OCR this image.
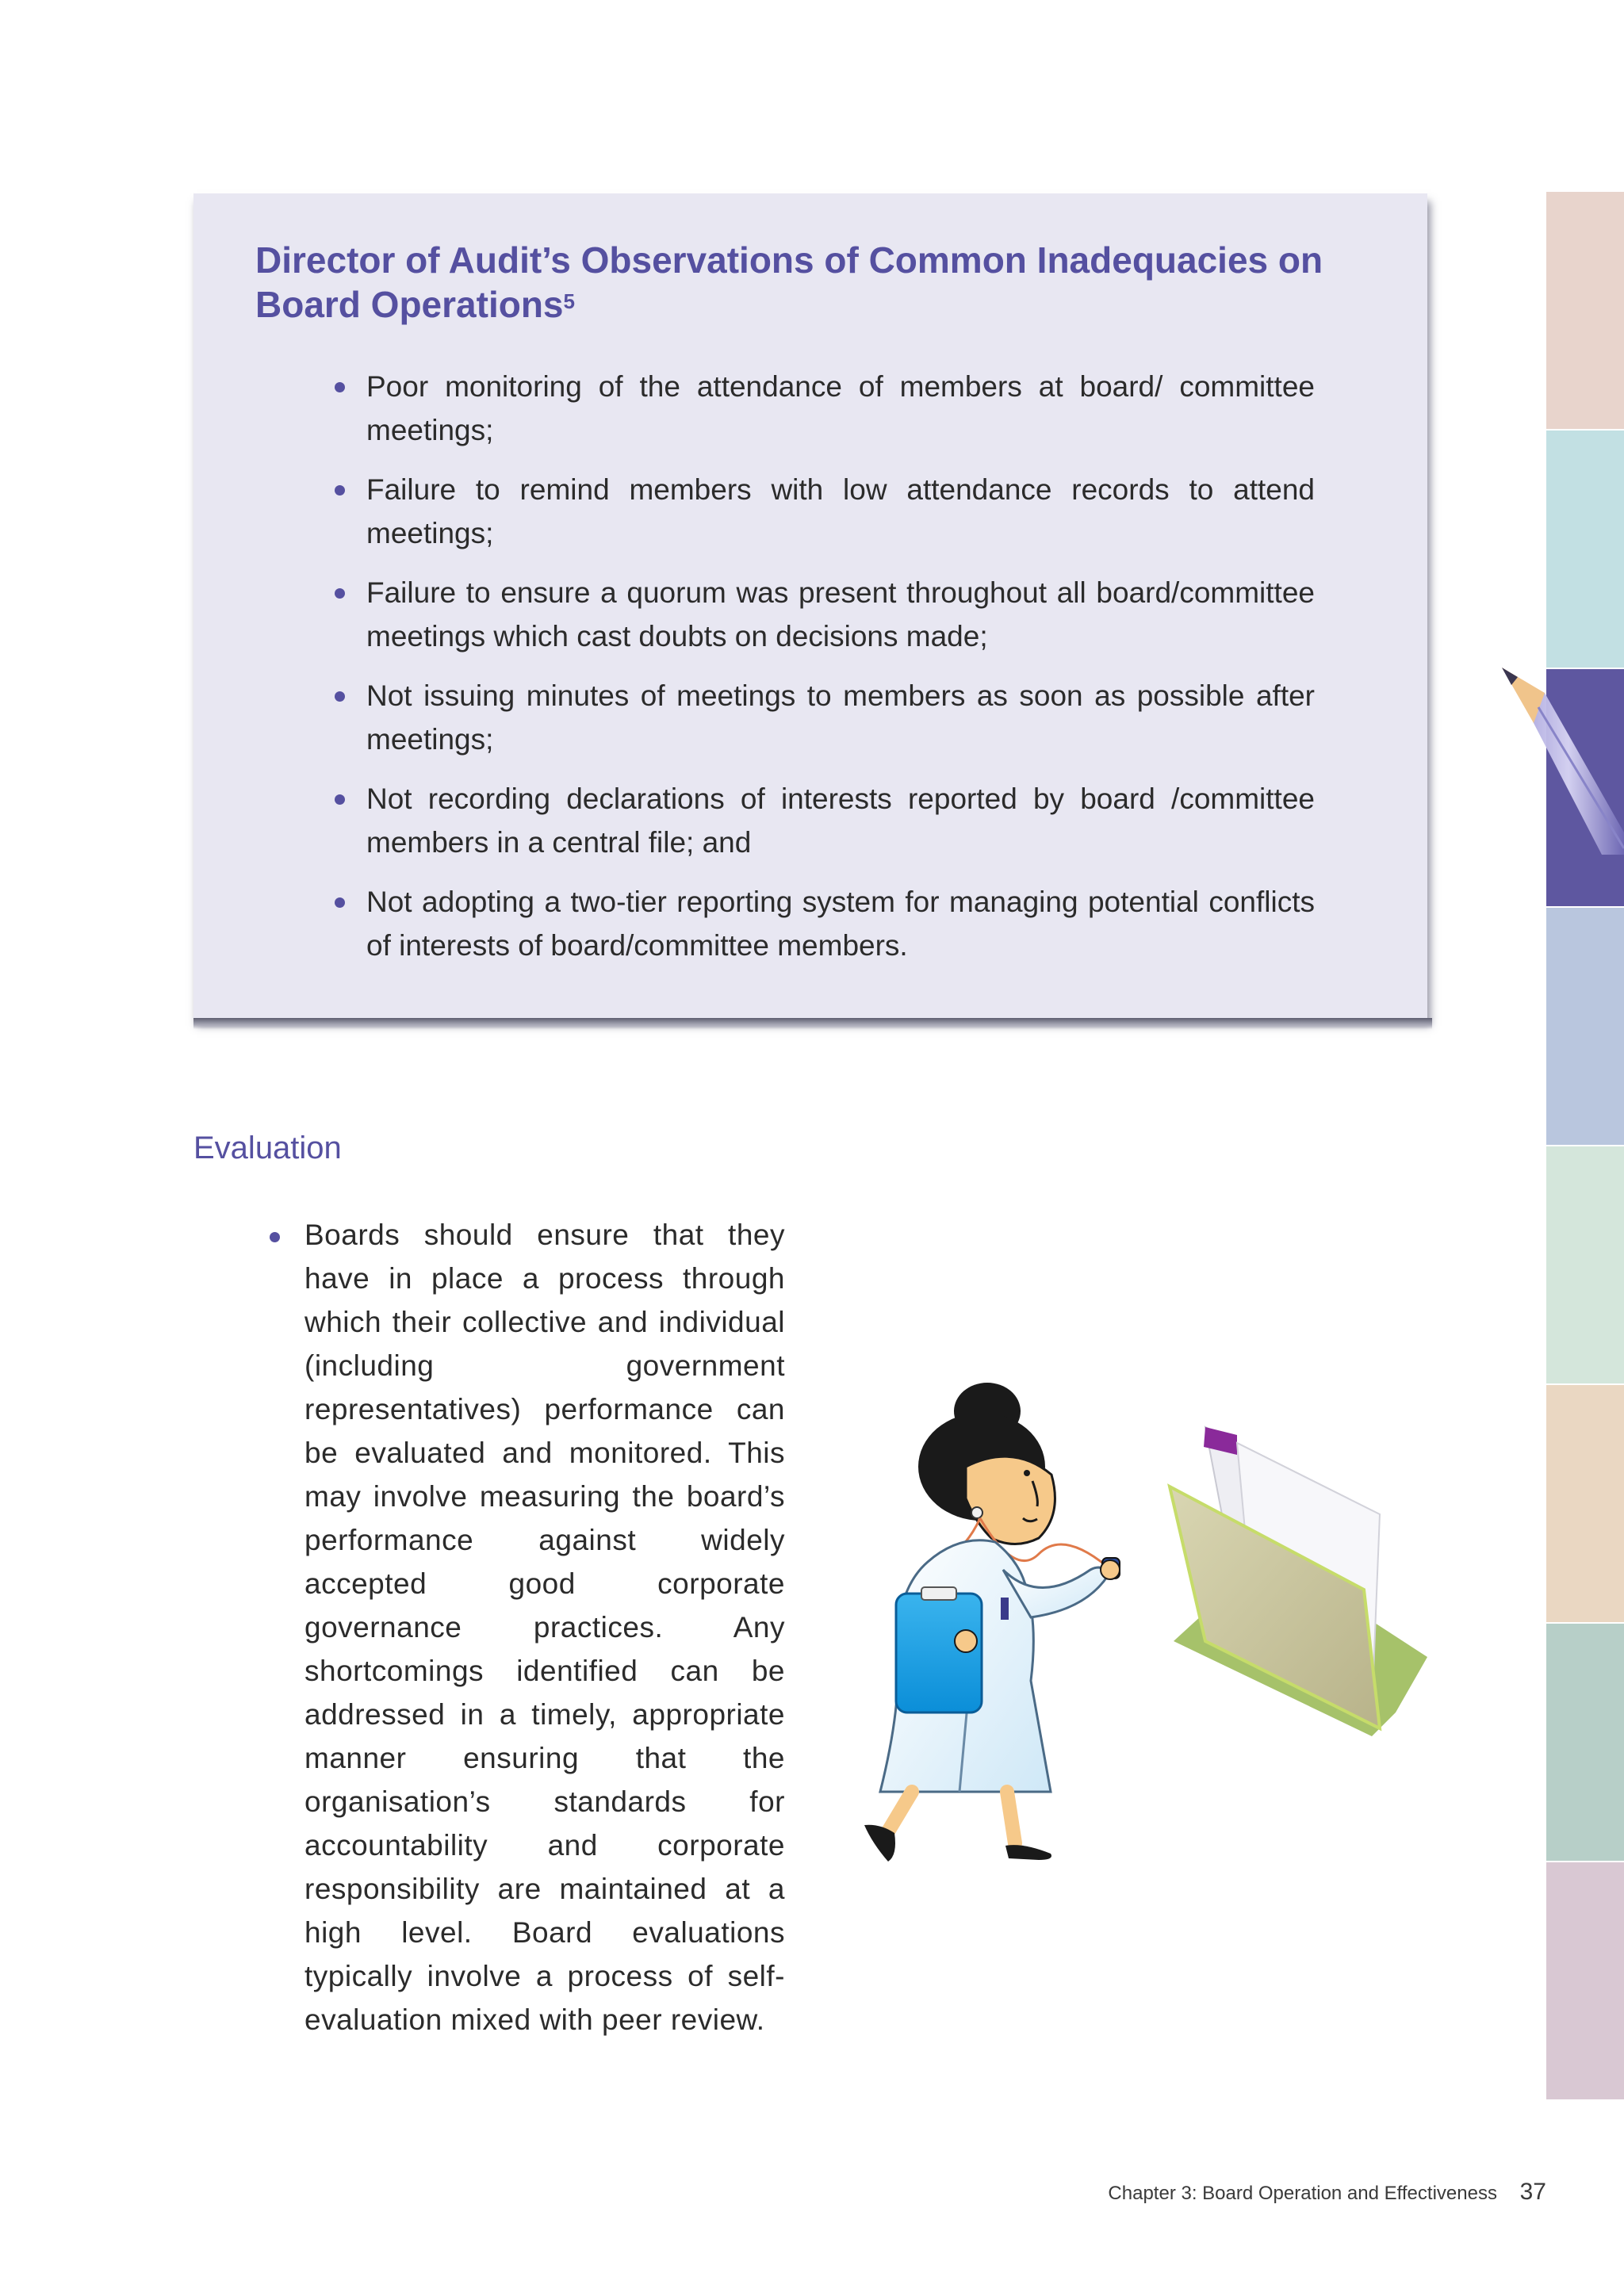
Director of Audit’s Observations of Common Inadequacies on Board Operations$^5$
Poor monitoring of the attendance of members at board/ committee meetings;
Failure to remind members with low attendance records to attend meetings;
Failure to ensure a quorum was present throughout all board/committee meetings which cast doubts on decisions made;
Not issuing minutes of meetings to members as soon as possible after meetings;
Not recording declarations of interests reported by board /committee members in a central file; and
Not adopting a two-tier reporting system for managing potential conflicts of interests of board/committee members.
Evaluation
Boards should ensure that they have in place a process through which their collective and individual (including government representatives) performance can be evaluated and monitored. This may involve measuring the board’s performance against widely accepted good corporate governance practices. Any shortcomings identified can be addressed in a timely, appropriate manner ensuring that the organisation’s standards for accountability and corporate responsibility are maintained at a high level. Board evaluations typically involve a process of self-evaluation mixed with peer review.
Chapter 3: Board Operation and Effectiveness 37
